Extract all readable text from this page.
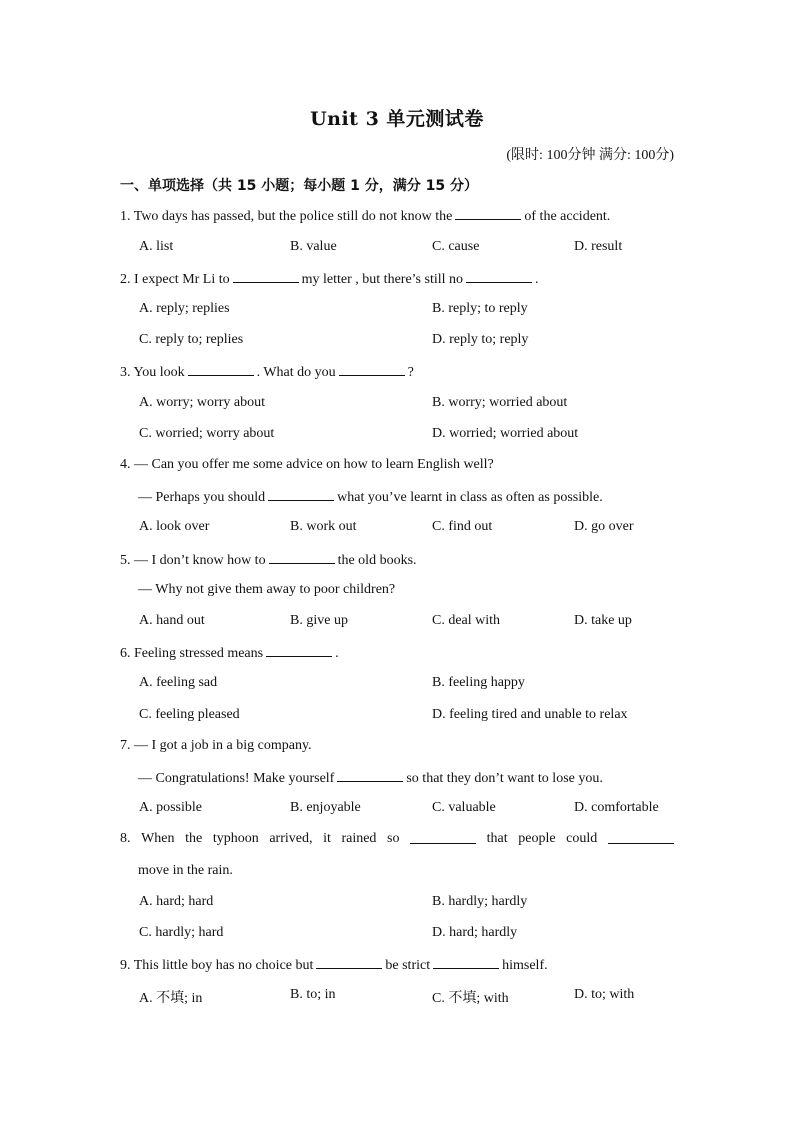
Unit 3 单元测试卷
(限时: 100分钟 满分: 100分)
一、单项选择（共 15 小题；每小题 1 分，满分 15 分）
1. Two days has passed, but the police still do not know the	of the accident.
A. list	B. value	C. cause	D. result
2. I expect Mr Li to	my letter , but there’s still no	.
A. reply; replies	B. reply; to reply
C. reply to; replies	D. reply to; reply
3. You look	. What do you	?
A. worry; worry about	B. worry; worried about
C. worried; worry about	D. worried; worried about
4. — Can you offer me some advice on how to learn English well?
— Perhaps you should	what you’ve learnt in class as often as possible.
A. look over	B. work out	C. find out	D. go over
5. — I don’t know how to	the old books.
— Why not give them away to poor children?
A. hand out	B. give up	C. deal with	D. take up
6. Feeling stressed means	.
A. feeling sad	B. feeling happy
C. feeling pleased	D. feeling tired and unable to relax
7. — I got a job in a big company.
— Congratulations! Make yourself	so that they don’t want to lose you.
A. possible	B. enjoyable	C. valuable	D. comfortable
8. When the typhoon arrived, it rained so	that people could
move in the rain.
A. hard; hard	B. hardly; hardly
C. hardly; hard	D. hard; hardly
9. This little boy has no choice but	be strict	himself.
A. 不填; in	B. to; in	C. 不填; with	D. to; with
